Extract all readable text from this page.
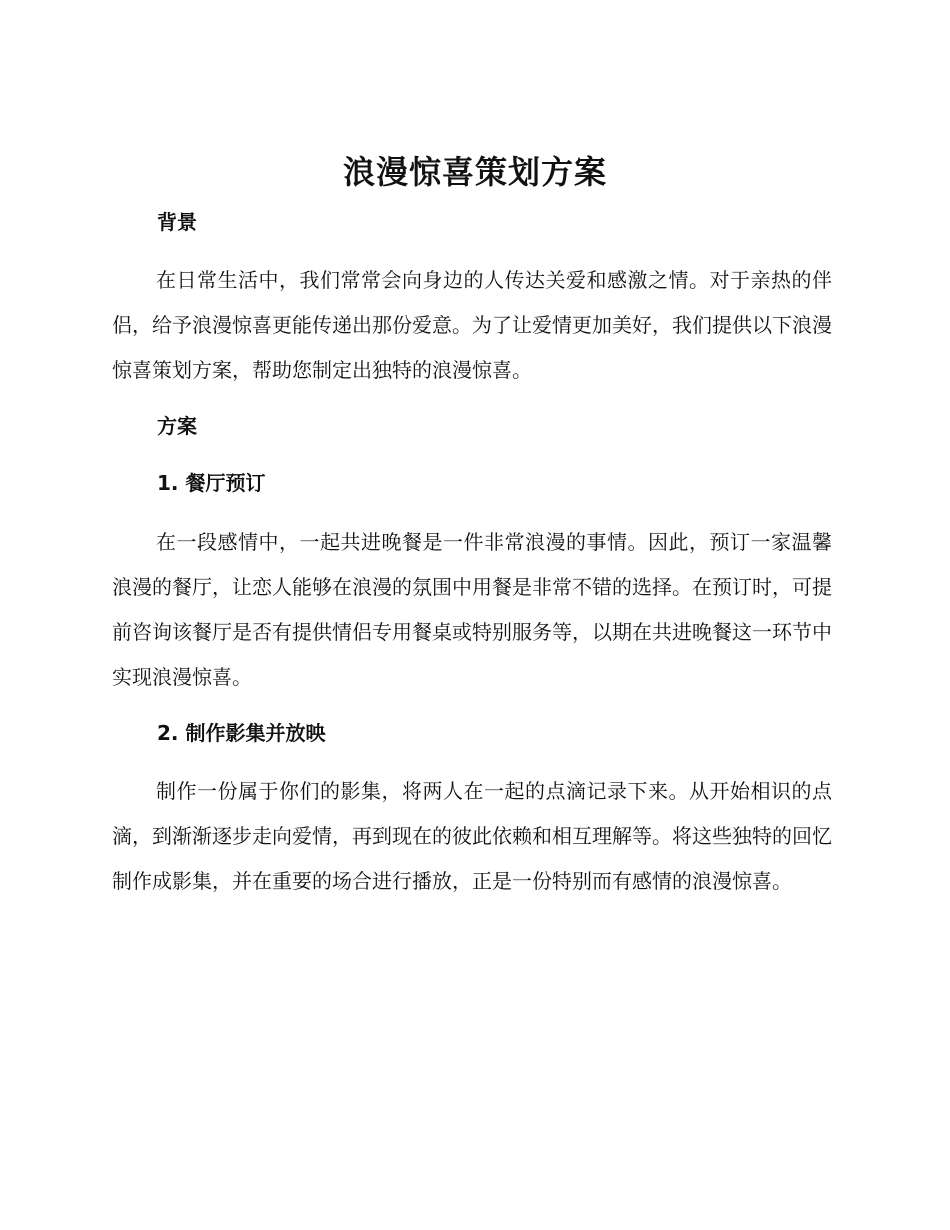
浪漫惊喜策划方案
背景
在日常生活中，我们常常会向身边的人传达关爱和感激之情。对于亲热的伴侣，给予浪漫惊喜更能传递出那份爱意。为了让爱情更加美好，我们提供以下浪漫惊喜策划方案，帮助您制定出独特的浪漫惊喜。
方案
1. 餐厅预订
在一段感情中，一起共进晚餐是一件非常浪漫的事情。因此，预订一家温馨浪漫的餐厅，让恋人能够在浪漫的氛围中用餐是非常不错的选择。在预订时，可提前咨询该餐厅是否有提供情侣专用餐桌或特别服务等，以期在共进晚餐这一环节中实现浪漫惊喜。
2. 制作影集并放映
制作一份属于你们的影集，将两人在一起的点滴记录下来。从开始相识的点滴，到渐渐逐步走向爱情，再到现在的彼此依赖和相互理解等。将这些独特的回忆制作成影集，并在重要的场合进行播放，正是一份特别而有感情的浪漫惊喜。
